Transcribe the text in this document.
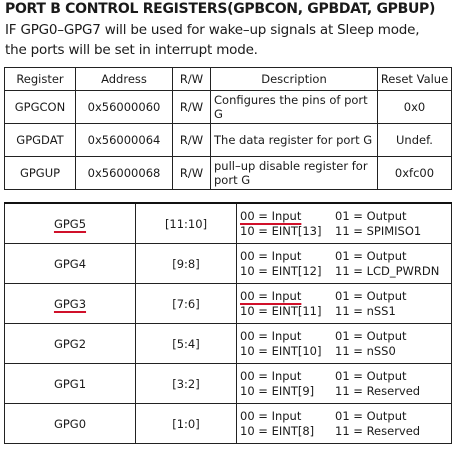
PORT B CONTROL REGISTERS(GPBCON, GPBDAT, GPBUP)
IF GPG0–GPG7 will be used for wake–up signals at Sleep mode,
the ports will be set in interrupt mode.
Register	Address	R/W	Description	Reset Value
GPGCON	0x56000060	R/W	Configures the pins of port G	0x0
GPGDAT	0x56000064	R/W	The data register for port G	Undef.
GPGUP	0x56000068	R/W	pull–up disable register for port G	0xfc00
GPG5	[11:10]	00 = Input 01 = Output
10 = EINT[13] 11 = SPIMISO1

GPG4	[9:8]	00 = Input 01 = Output
10 = EINT[12] 11 = LCD_PWRDN

GPG3	[7:6]	00 = Input 01 = Output
10 = EINT[11] 11 = nSS1

GPG2	[5:4]	00 = Input 01 = Output
10 = EINT[10] 11 = nSS0

GPG1	[3:2]	00 = Input 01 = Output
10 = EINT[9] 11 = Reserved

GPG0	[1:0]	00 = Input 01 = Output
10 = EINT[8] 11 = Reserved
